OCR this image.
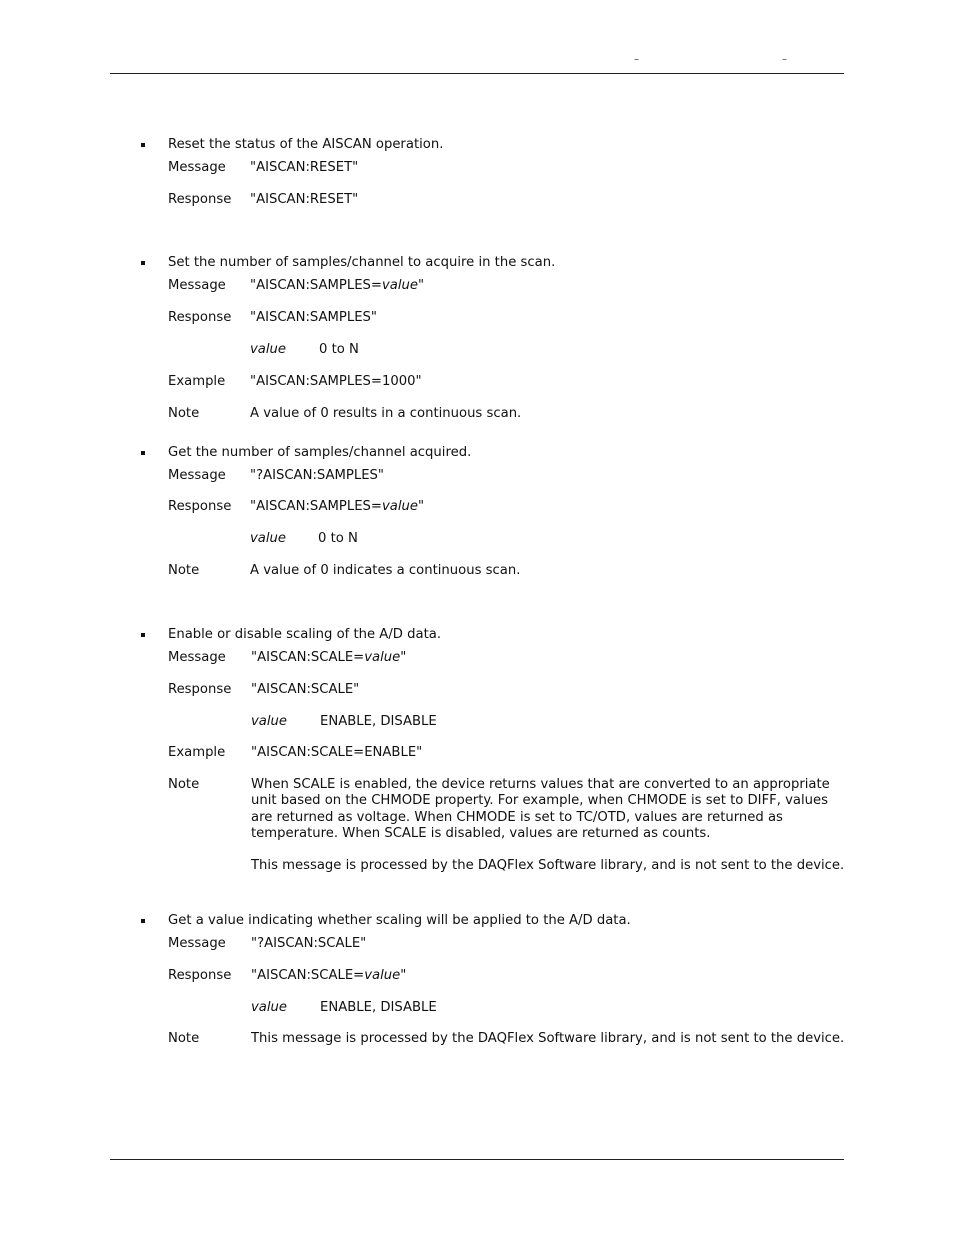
–	–
Reset the status of the AISCAN operation.
Message "AISCAN:RESET"
Response "AISCAN:RESET"
Set the number of samples/channel to acquire in the scan.
Message "AISCAN:SAMPLES=value"
Response "AISCAN:SAMPLES"
value 0 to N
Example "AISCAN:SAMPLES=1000"
Note	A value of 0 results in a continuous scan.
Get the number of samples/channel acquired.
Message "?AISCAN:SAMPLES"
Response "AISCAN:SAMPLES=value"
value 0 to N
Note	A value of 0 indicates a continuous scan.
Enable or disable scaling of the A/D data.
Message "AISCAN:SCALE=value"
Response "AISCAN:SCALE"
value ENABLE, DISABLE
Example "AISCAN:SCALE=ENABLE"
Note	When SCALE is enabled, the device returns values that are converted to an appropriate unit based on the CHMODE property. For example, when CHMODE is set to DIFF, values are returned as voltage. When CHMODE is set to TC/OTD, values are returned as temperature. When SCALE is disabled, values are returned as counts.
This message is processed by the DAQFlex Software library, and is not sent to the device.
Get a value indicating whether scaling will be applied to the A/D data.
Message "?AISCAN:SCALE"
Response "AISCAN:SCALE=value"
value ENABLE, DISABLE
Note	This message is processed by the DAQFlex Software library, and is not sent to the device.
